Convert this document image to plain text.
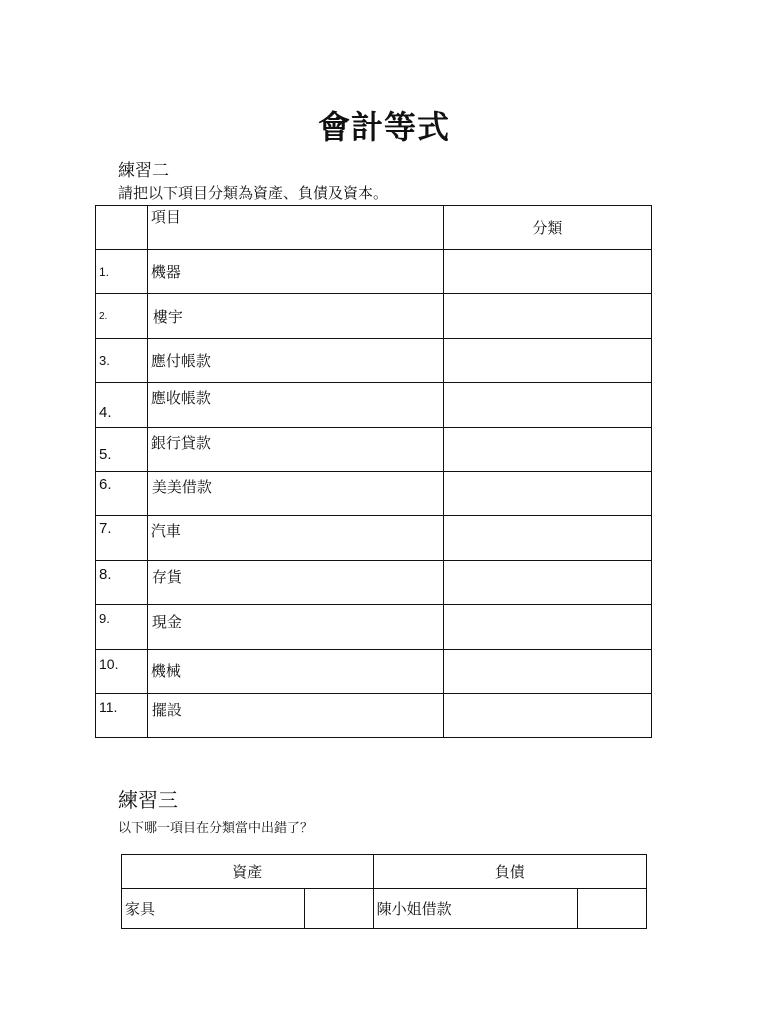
會計等式
練習二
請把以下項目分類為資產、負債及資本。

	項目	分類

1.	機器	

2.	樓宇	

3.	應付帳款	

4.	應收帳款	

5.	銀行貸款	

6.	美美借款	

7.	汽車	

8.	存貨	

9.	現金	

10.	機械	

11.	擺設	

練習三
以下哪一項目在分類當中出錯了？
資產		負債	
家具		陳小姐借款	
